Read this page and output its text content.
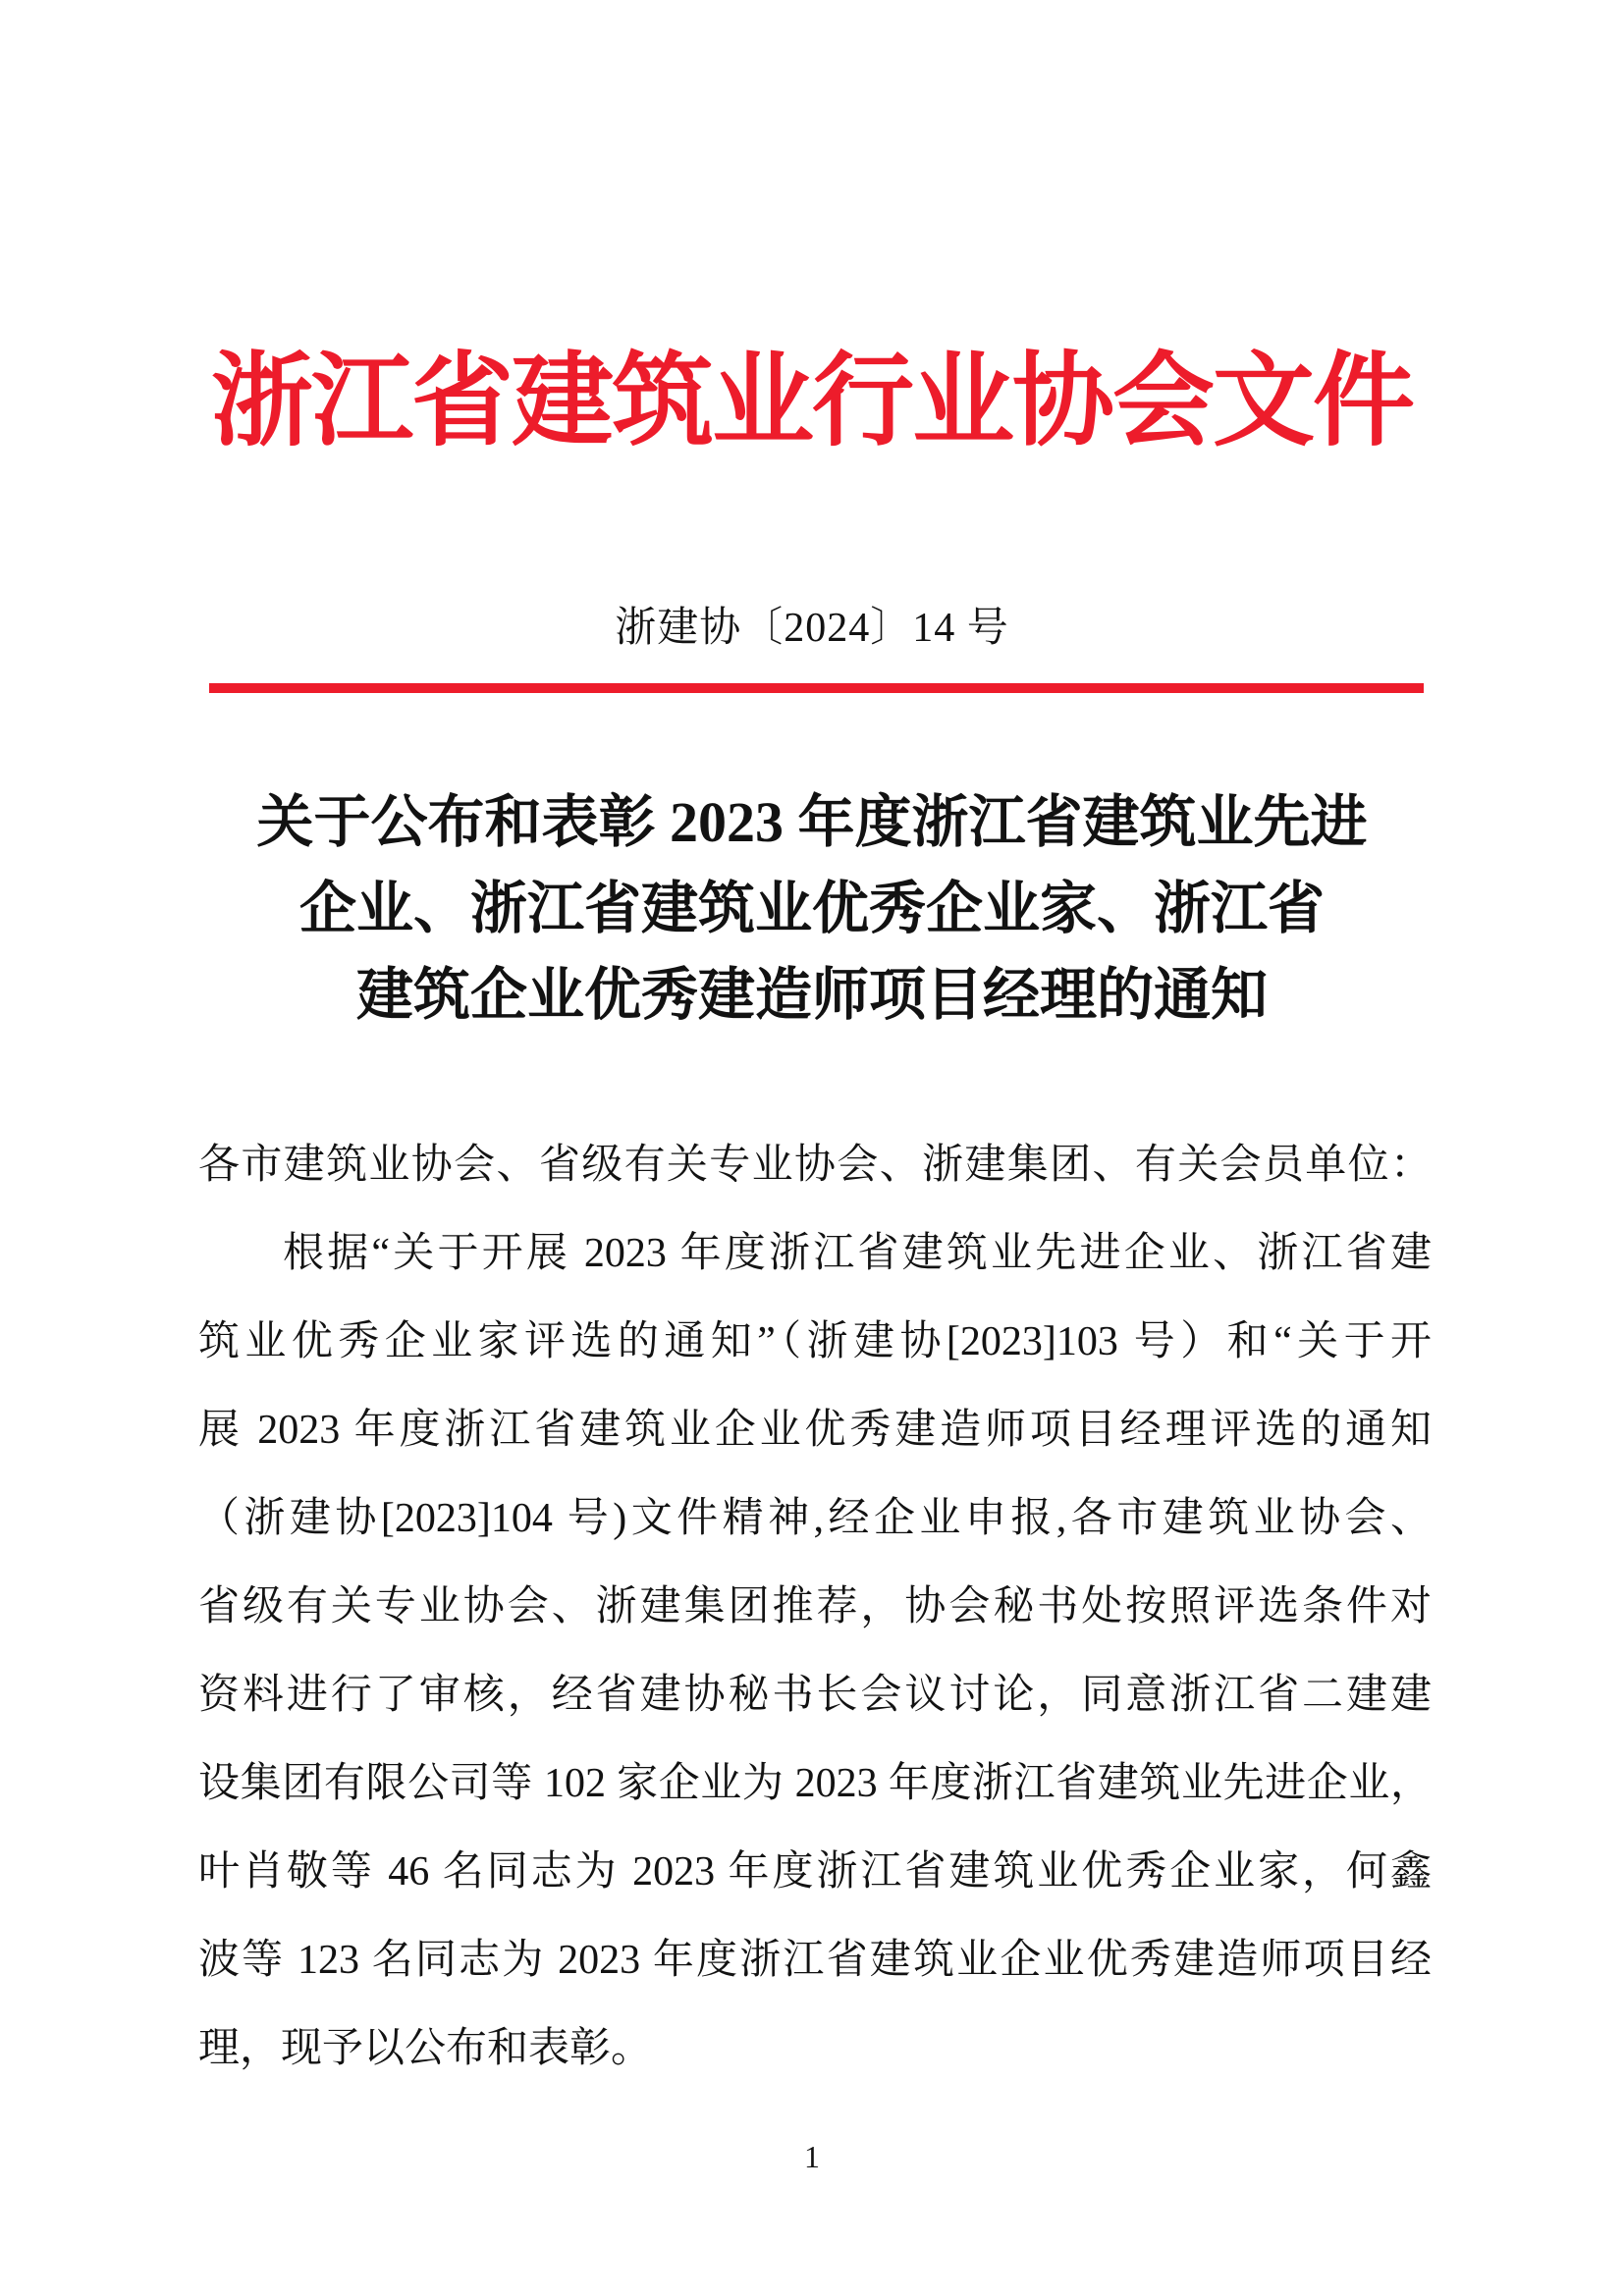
浙江省建筑业行业协会文件
浙建协〔2024〕14 号
关于公布和表彰 2023 年度浙江省建筑业先进
企业、浙江省建筑业优秀企业家、浙江省
建筑企业优秀建造师项目经理的通知
各市建筑业协会、省级有关专业协会、浙建集团、有关会员单位：
根据“关于开展 2023 年度浙江省建筑业先进企业、浙江省建
筑业优秀企业家评选的通知”（浙建协[2023]103 号）和“关于开
展 2023 年度浙江省建筑业企业优秀建造师项目经理评选的通知
（浙建协[2023]104 号)文件精神,经企业申报,各市建筑业协会、
省级有关专业协会、浙建集团推荐，协会秘书处按照评选条件对
资料进行了审核，经省建协秘书长会议讨论，同意浙江省二建建
设集团有限公司等 102 家企业为 2023 年度浙江省建筑业先进企业，
叶肖敬等 46 名同志为 2023 年度浙江省建筑业优秀企业家，何鑫
波等 123 名同志为 2023 年度浙江省建筑业企业优秀建造师项目经
理，现予以公布和表彰。
1
